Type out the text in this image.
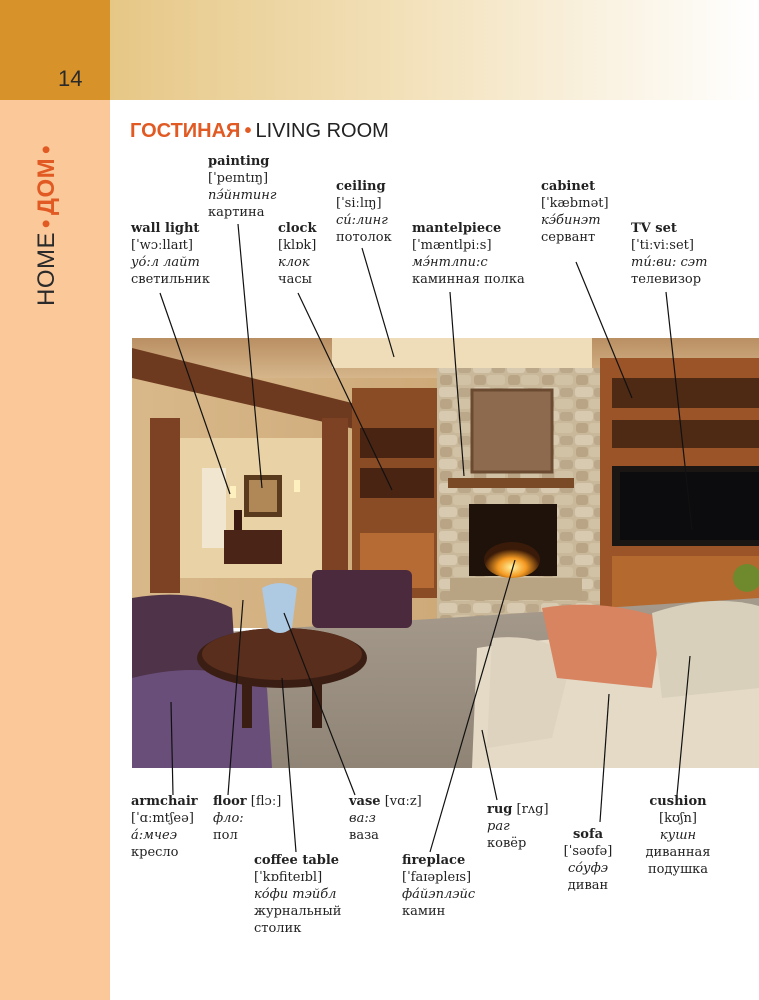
14
HOME•ДОМ•
ГОСТИНАЯ • LIVING ROOM
painting
[ˈpeɪntɪŋ]
пэ́йнтинг
картина
ceiling
[ˈsiːlɪŋ]
си́:линг
потолок
cabinet
[ˈkæbɪnət]
кэ́бинэт
сервант
wall light
[ˈwɔːllaɪt]
уо́:л лайт
светильник
clock
[klɒk]
клок
часы
mantelpiece
[ˈmæntlpiːs]
мэ́нтлпи:с
каминная полка
TV set
[ˈtiːviːset]
ти́:ви: сэт
телевизор
armchair
[ˈɑːmtʃeə]
а́:мчеэ
кресло
floor [flɔː]
фло:
пол
vase [vɑːz]
ва:з
ваза
rug [rʌg]
раг
ковёр
cushion
[kʊʃn]
кушн
диванная
подушка
sofa
[ˈsəʊfə]
со́уфэ
диван
coffee table
[ˈkɒfiteɪbl]
ко́фи тэйбл
журнальный
столик
fireplace
[ˈfaɪəpleɪs]
фа́йэплэйс
камин
